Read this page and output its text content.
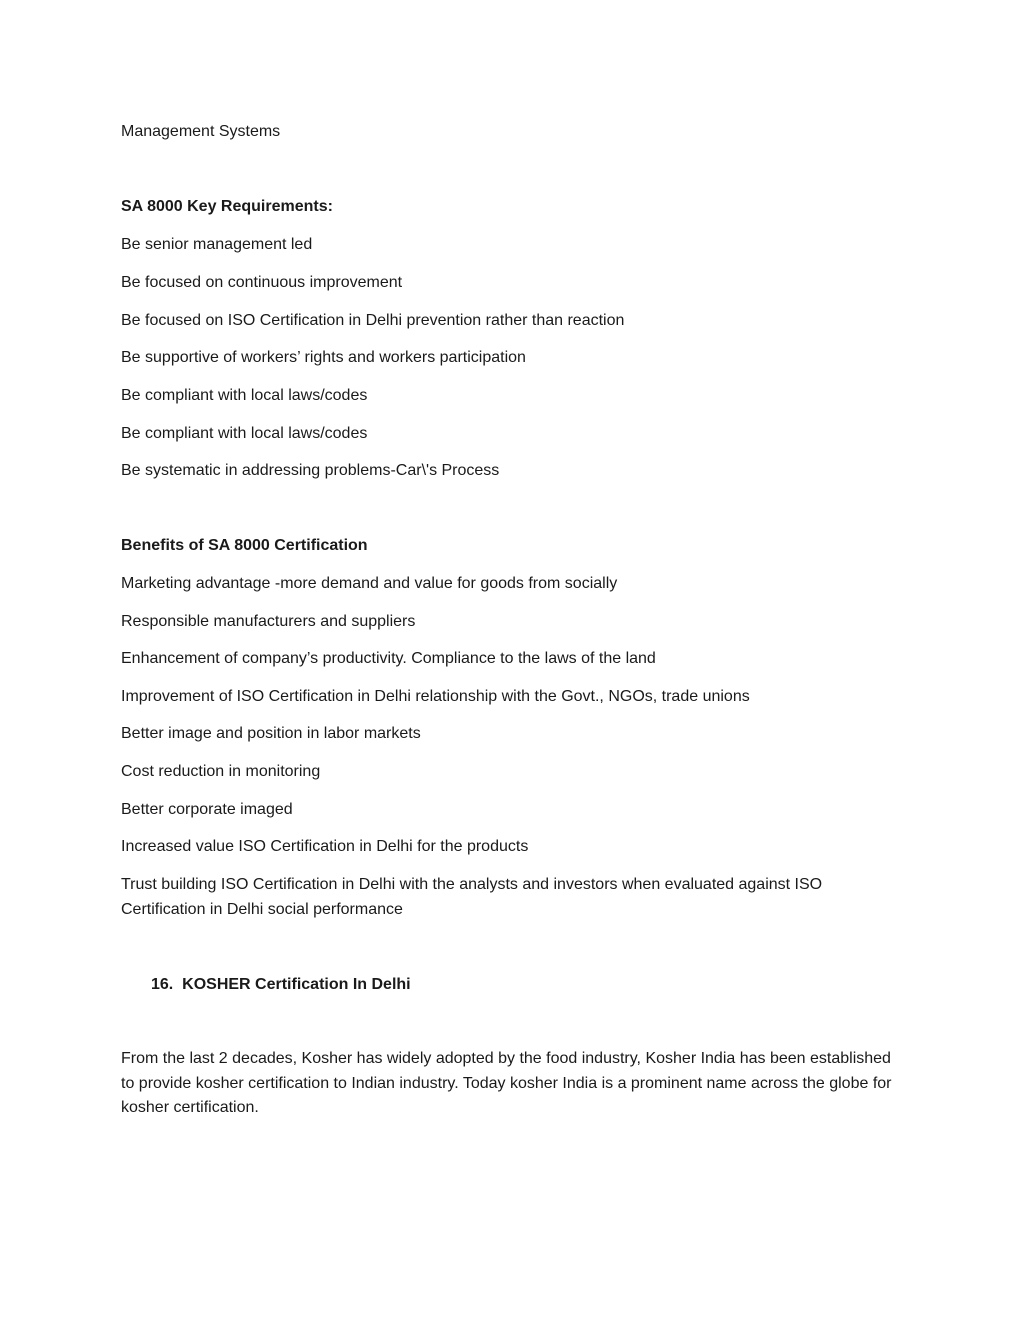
Management Systems

SA 8000 Key Requirements:

Be senior management led

Be focused on continuous improvement

Be focused on ISO Certification in Delhi prevention rather than reaction

Be supportive of workers’ rights and workers participation

Be compliant with local laws/codes

Be compliant with local laws/codes

Be systematic in addressing problems-Car\'s Process

Benefits of SA 8000 Certification

Marketing advantage -more demand and value for goods from socially

Responsible manufacturers and suppliers

Enhancement of company’s productivity. Compliance to the laws of the land

Improvement of ISO Certification in Delhi relationship with the Govt., NGOs, trade unions

Better image and position in labor markets

Cost reduction in monitoring

Better corporate imaged

Increased value ISO Certification in Delhi for the products

Trust building ISO Certification in Delhi with the analysts and investors when evaluated against ISO Certification in Delhi social performance

16. KOSHER Certification In Delhi

From the last 2 decades, Kosher has widely adopted by the food industry, Kosher India has been established to provide kosher certification to Indian industry. Today kosher India is a prominent name across the globe for kosher certification.
